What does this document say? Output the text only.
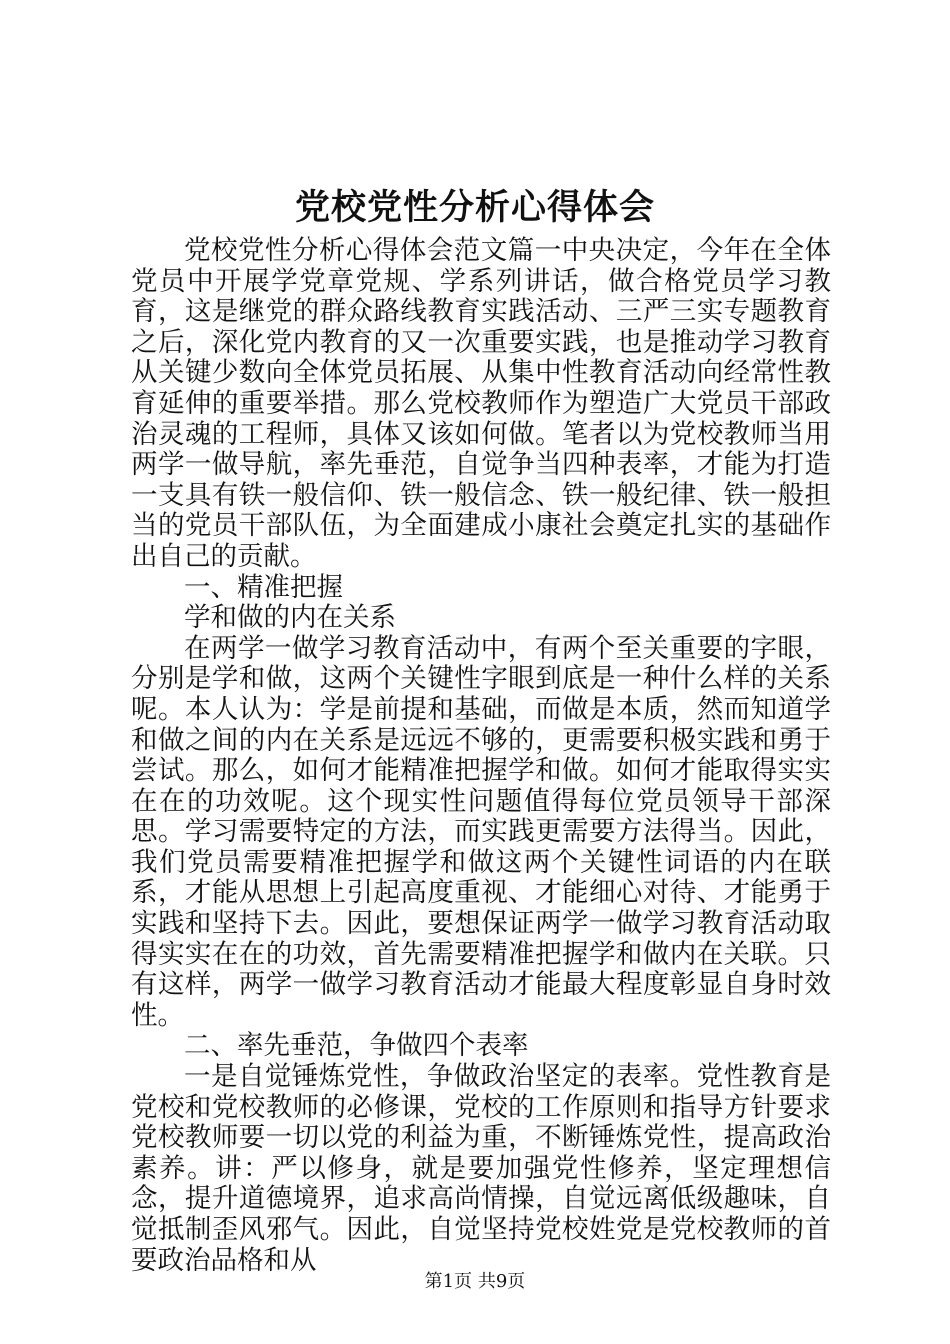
党校党性分析心得体会

党校党性分析心得体会范文篇一中央决定，今年在全体党员中开展学党章党规、学系列讲话，做合格党员学习教育，这是继党的群众路线教育实践活动、三严三实专题教育之后，深化党内教育的又一次重要实践，也是推动学习教育从关键少数向全体党员拓展、从集中性教育活动向经常性教育延伸的重要举措。那么党校教师作为塑造广大党员干部政治灵魂的工程师，具体又该如何做。笔者以为党校教师当用两学一做导航，率先垂范，自觉争当四种表率，才能为打造一支具有铁一般信仰、铁一般信念、铁一般纪律、铁一般担当的党员干部队伍，为全面建成小康社会奠定扎实的基础作出自己的贡献。

一、精准把握

学和做的内在关系

在两学一做学习教育活动中，有两个至关重要的字眼，分别是学和做，这两个关键性字眼到底是一种什么样的关系呢。本人认为：学是前提和基础，而做是本质，然而知道学和做之间的内在关系是远远不够的，更需要积极实践和勇于尝试。那么，如何才能精准把握学和做。如何才能取得实实在在的功效呢。这个现实性问题值得每位党员领导干部深思。学习需要特定的方法，而实践更需要方法得当。因此，我们党员需要精准把握学和做这两个关键性词语的内在联系，才能从思想上引起高度重视、才能细心对待、才能勇于实践和坚持下去。因此，要想保证两学一做学习教育活动取得实实在在的功效，首先需要精准把握学和做内在关联。只有这样，两学一做学习教育活动才能最大程度彰显自身时效性。

二、率先垂范，争做四个表率

一是自觉锤炼党性，争做政治坚定的表率。党性教育是党校和党校教师的必修课，党校的工作原则和指导方针要求党校教师要一切以党的利益为重，不断锤炼党性，提高政治素养。讲：严以修身，就是要加强党性修养，坚定理想信念，提升道德境界，追求高尚情操，自觉远离低级趣味，自觉抵制歪风邪气。因此，自觉坚持党校姓党是党校教师的首要政治品格和从

第1页 共9页
